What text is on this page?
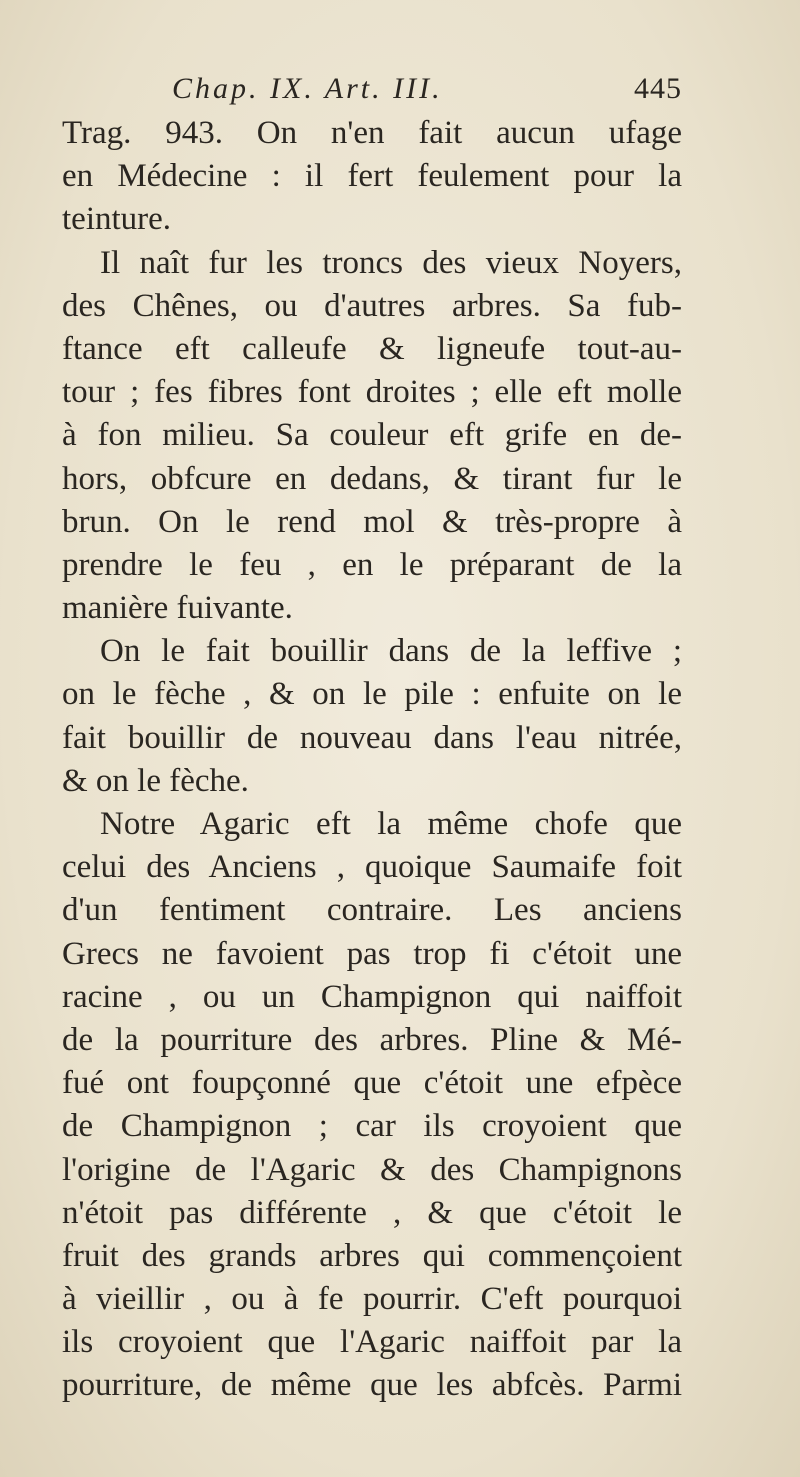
Chap. IX. Art. III.	445
Trag. 943. On n'en fait aucun ufage
en Médecine : il fert feulement pour la
teinture.
Il naît fur les troncs des vieux Noyers,
des Chênes, ou d'autres arbres. Sa fub-
ftance eft calleufe & ligneufe tout-au-
tour ; fes fibres font droites ; elle eft molle
à fon milieu. Sa couleur eft grife en de-
hors, obfcure en dedans, & tirant fur le
brun. On le rend mol & très-propre à
prendre le feu , en le préparant de la
manière fuivante.
On le fait bouillir dans de la leffive ;
on le fèche , & on le pile : enfuite on le
fait bouillir de nouveau dans l'eau nitrée,
& on le fèche.
Notre Agaric eft la même chofe que
celui des Anciens , quoique Saumaife foit
d'un fentiment contraire. Les anciens
Grecs ne favoient pas trop fi c'étoit une
racine , ou un Champignon qui naiffoit
de la pourriture des arbres. Pline & Mé-
fué ont foupçonné que c'étoit une efpèce
de Champignon ; car ils croyoient que
l'origine de l'Agaric & des Champignons
n'étoit pas différente , & que c'étoit le
fruit des grands arbres qui commençoient
à vieillir , ou à fe pourrir. C'eft pourquoi
ils croyoient que l'Agaric naiffoit par la
pourriture, de même que les abfcès. Parmi
